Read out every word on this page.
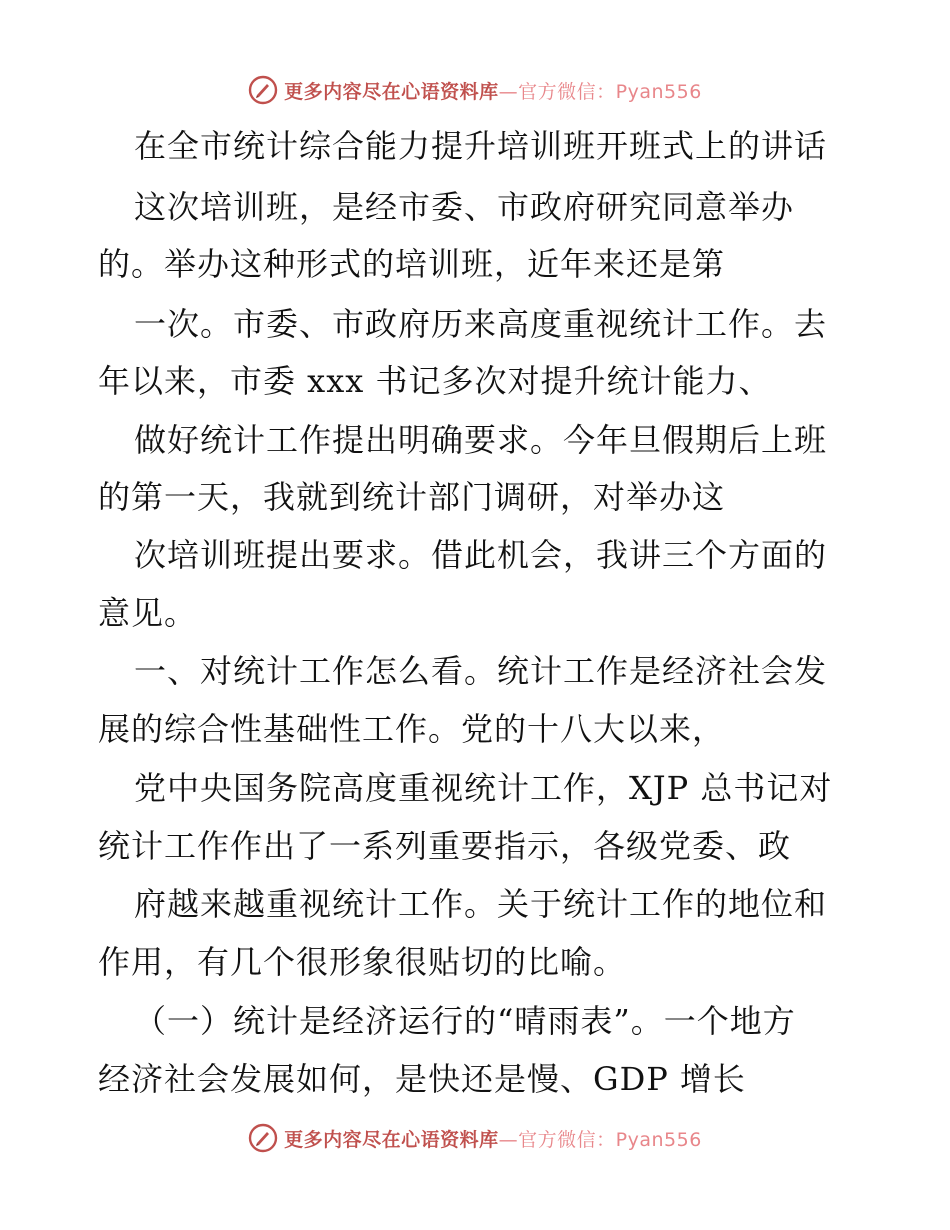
更多内容尽在心语资料库—官方微信：Pyan556
在全市统计综合能力提升培训班开班式上的讲话
这次培训班，是经市委、市政府研究同意举办
的。举办这种形式的培训班，近年来还是第
一次。市委、市政府历来高度重视统计工作。去
年以来，市委 xxx 书记多次对提升统计能力、
做好统计工作提出明确要求。今年旦假期后上班
的第一天，我就到统计部门调研，对举办这
次培训班提出要求。借此机会，我讲三个方面的
意见。
一、对统计工作怎么看。统计工作是经济社会发
展的综合性基础性工作。党的十八大以来，
党中央国务院高度重视统计工作，XJP 总书记对
统计工作作出了一系列重要指示，各级党委、政
府越来越重视统计工作。关于统计工作的地位和
作用，有几个很形象很贴切的比喻。
（一）统计是经济运行的“晴雨表”。一个地方
经济社会发展如何，是快还是慢、GDP 增长
更多内容尽在心语资料库—官方微信：Pyan556
